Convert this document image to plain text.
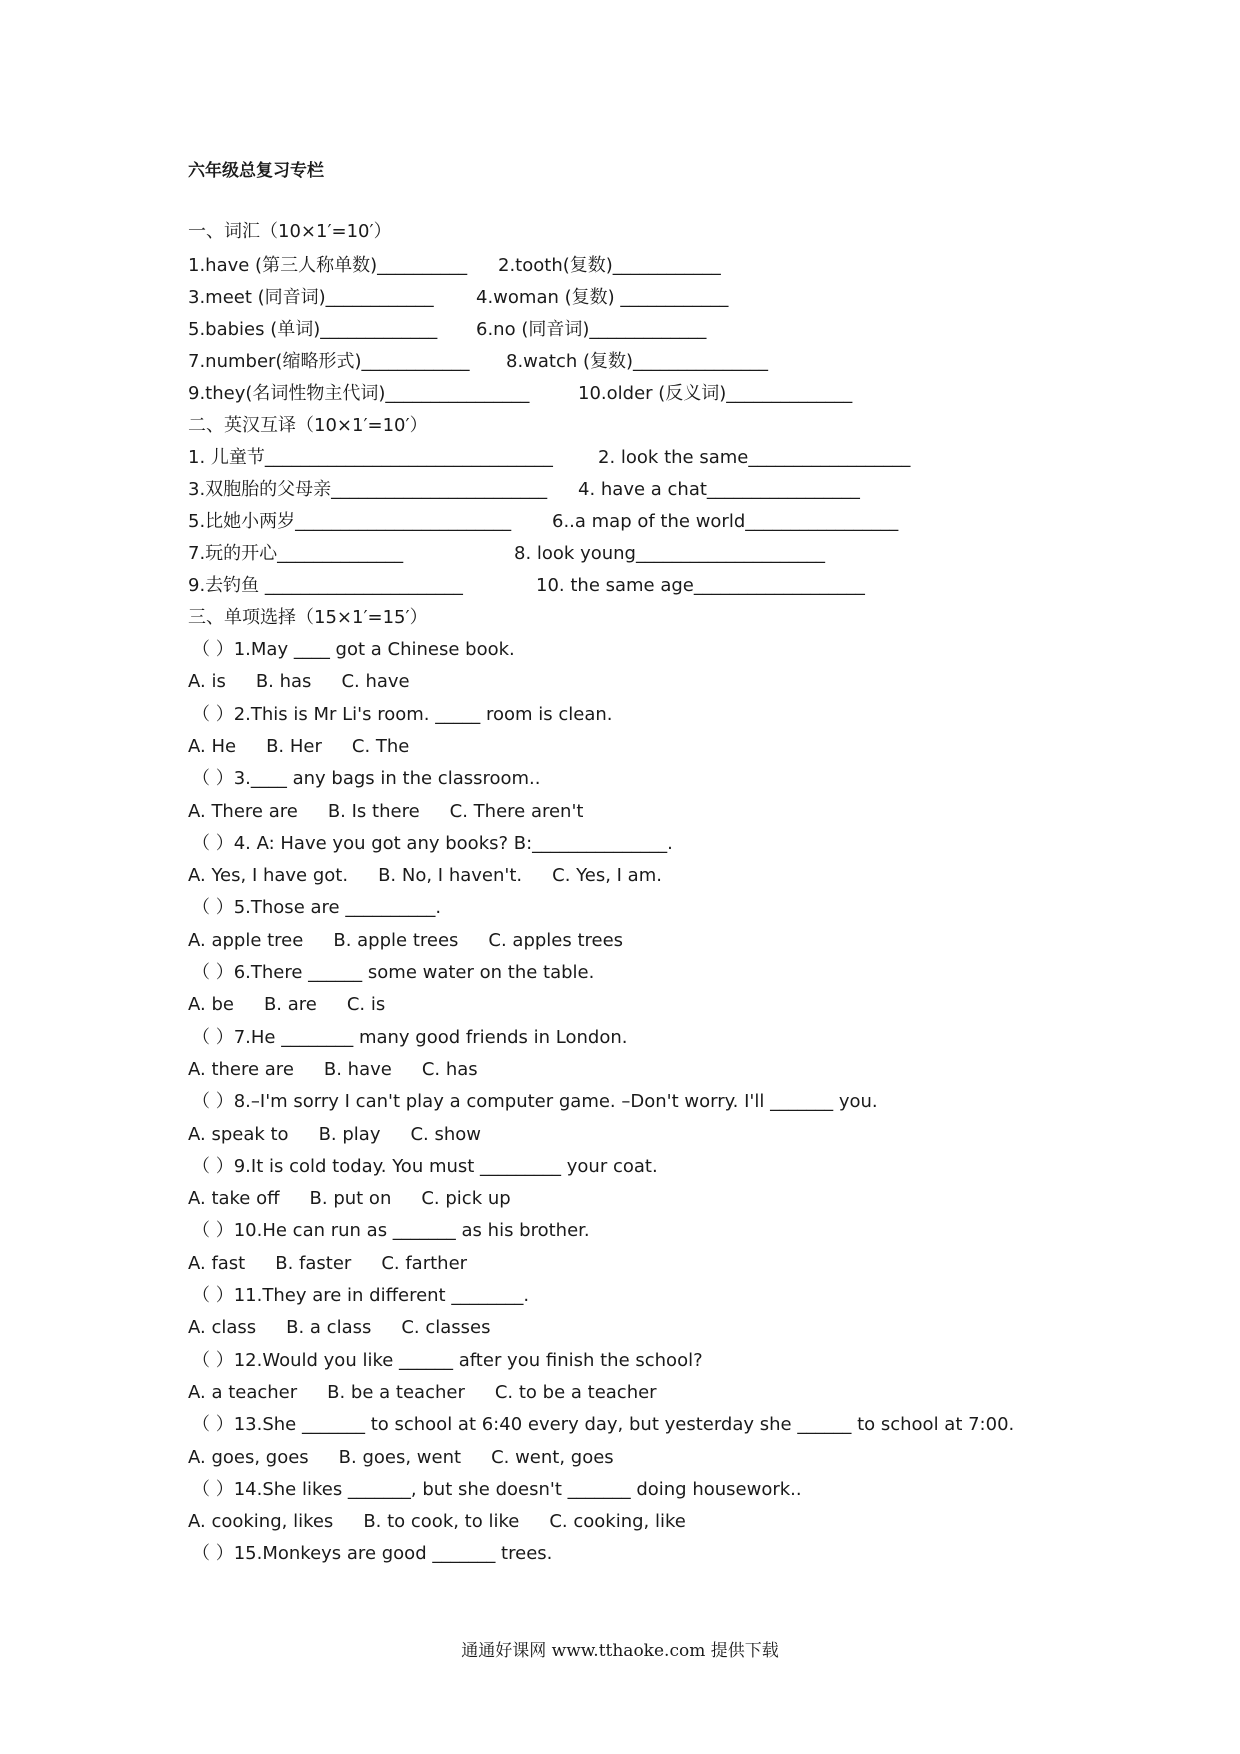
六年级总复习专栏
一、词汇（10×1′=10′）
1.have (第三人称单数)__________ 2.tooth(复数)____________
3.meet (同音词)____________ 4.woman (复数) ____________
5.babies (单词)_____________ 6.no (同音词)_____________
7.number(缩略形式)____________ 8.watch (复数)_______________
9.they(名词性物主代词)________________	10.older (反义词)______________
二、英汉互译（10×1′=10′）
1. 儿童节________________________________	2. look the same__________________
3.双胞胎的父母亲________________________ 4. have a chat_________________
5.比她小两岁________________________ 6..a map of the world_________________
7.玩的开心______________	8. look young_____________________
9.去钓鱼 ______________________	10. the same age___________________
三、单项选择（15×1′=15′）
（ ）1.May ____ got a Chinese book.
A. is B. has C. have
（ ）2.This is Mr Li's room. _____ room is clean.
A. He B. Her C. The
（ ）3.____ any bags in the classroom..
A. There are B. Is there C. There aren't
（ ）4. A: Have you got any books? B:_______________.
A. Yes, I have got. B. No, I haven't. C. Yes, I am.
（ ）5.Those are __________.
A. apple tree B. apple trees C. apples trees
（ ）6.There ______ some water on the table.
A. be B. are C. is
（ ）7.He ________ many good friends in London.
A. there are B. have C. has
（ ）8.–I'm sorry I can't play a computer game. –Don't worry. I'll _______ you.
A. speak to B. play C. show
（ ）9.It is cold today. You must _________ your coat.
A. take off B. put on C. pick up
（ ）10.He can run as _______ as his brother.
A. fast B. faster C. farther
（ ）11.They are in different ________.
A. class B. a class C. classes
（ ）12.Would you like ______ after you finish the school?
A. a teacher B. be a teacher C. to be a teacher
（ ）13.She _______ to school at 6:40 every day, but yesterday she ______ to school at 7:00.
A. goes, goes B. goes, went C. went, goes
（ ）14.She likes _______, but she doesn't _______ doing housework..
A. cooking, likes B. to cook, to like C. cooking, like
（ ）15.Monkeys are good _______ trees.
通通好课网 www.tthaoke.com 提供下载
